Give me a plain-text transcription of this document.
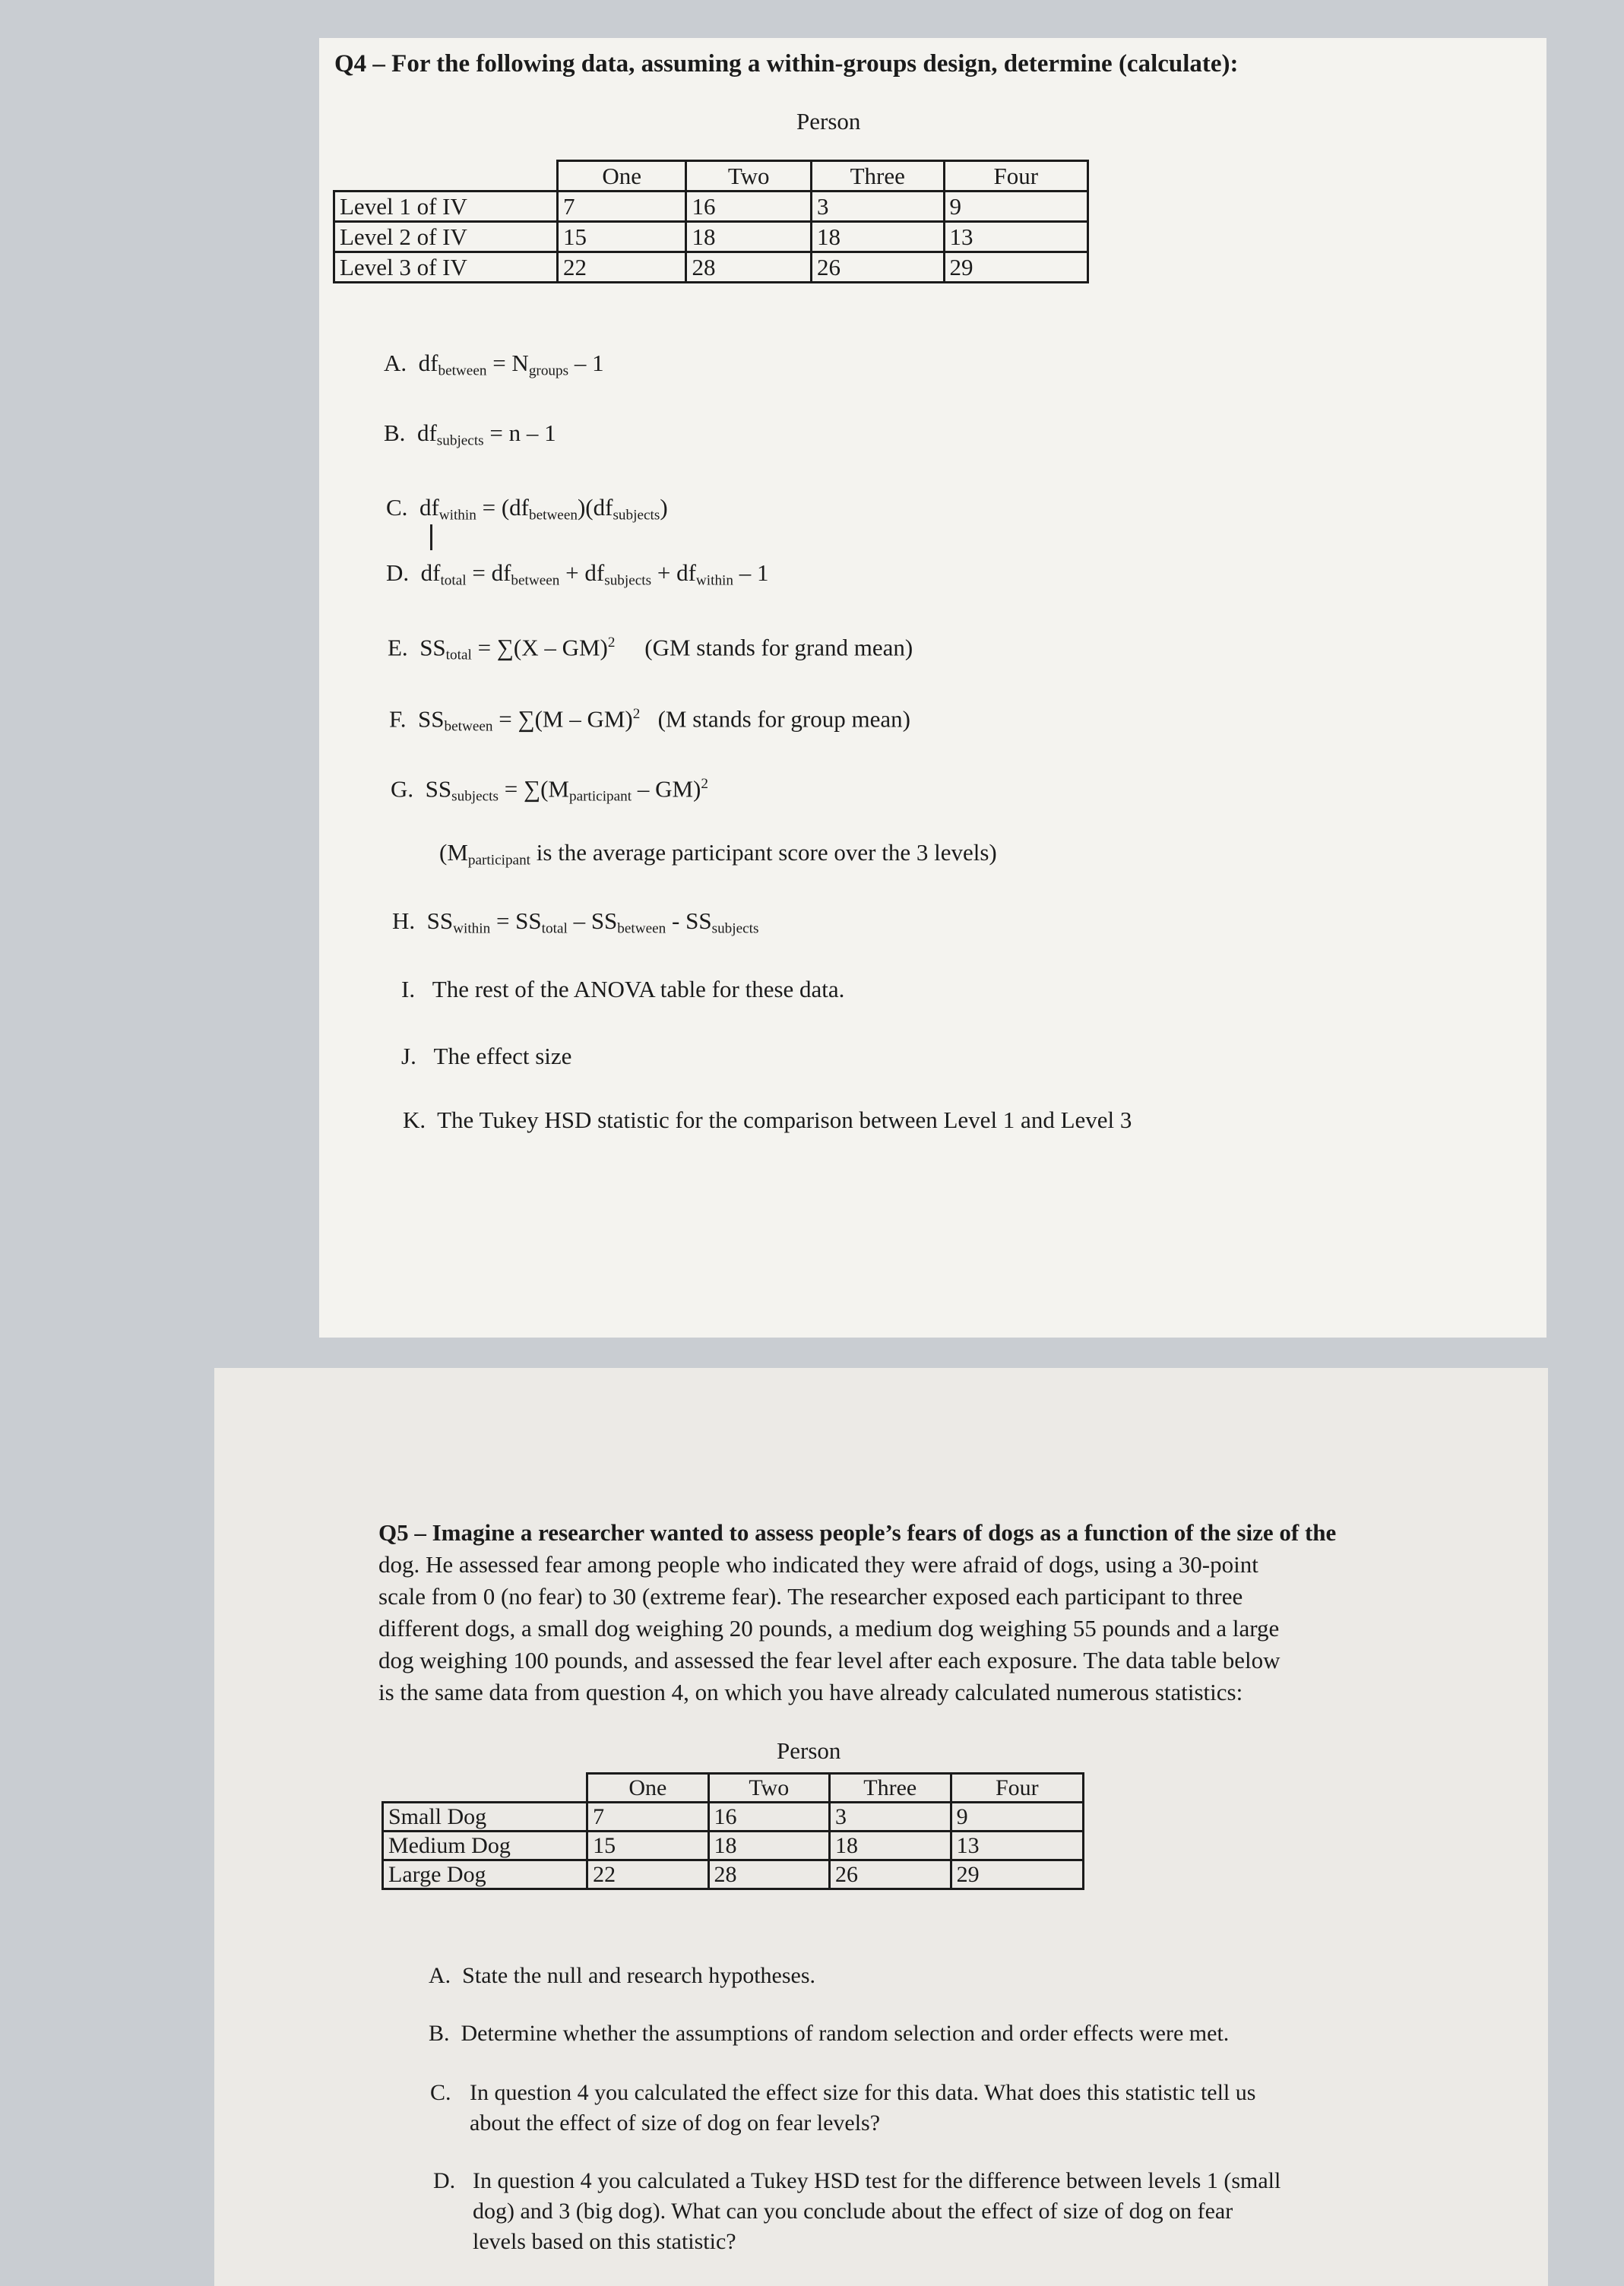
Q4 – For the following data, assuming a within-groups design, determine (calculate):
Person
	One	Two	Three	Four
Level 1 of IV	7	16	3	9
Level 2 of IV	15	18	18	13
Level 3 of IV	22	28	26	29
A. $df_{between} = N_{groups} - 1$
B. $df_{subjects} = n - 1$
C. $df_{within} = (df_{between})(df_{subjects})$
D. $df_{total} = df_{between} + df_{subjects} + df_{within} - 1$
E. $SS_{total} = \sum(X - GM)^2$ (GM stands for grand mean)
F. $SS_{between} = \sum(M - GM)^2$ (M stands for group mean)
G. $SS_{subjects} = \sum(M_{participant} - GM)^2$
($M_{participant}$ is the average participant score over the 3 levels)
H. $SS_{within} = SS_{total} - SS_{between} - SS_{subjects}$
I. The rest of the ANOVA table for these data.
J. The effect size
K. The Tukey HSD statistic for the comparison between Level 1 and Level 3
Q5 – Imagine a researcher wanted to assess people’s fears of dogs as a function of the size of the
dog. He assessed fear among people who indicated they were afraid of dogs, using a 30-point
scale from 0 (no fear) to 30 (extreme fear). The researcher exposed each participant to three
different dogs, a small dog weighing 20 pounds, a medium dog weighing 55 pounds and a large
dog weighing 100 pounds, and assessed the fear level after each exposure. The data table below
is the same data from question 4, on which you have already calculated numerous statistics:
Person
	One	Two	Three	Four
Small Dog	7	16	3	9
Medium Dog	15	18	18	13
Large Dog	22	28	26	29
A. State the null and research hypotheses.
B. Determine whether the assumptions of random selection and order effects were met.
C. In question 4 you calculated the effect size for this data. What does this statistic tell us
about the effect of size of dog on fear levels?
D. In question 4 you calculated a Tukey HSD test for the difference between levels 1 (small
dog) and 3 (big dog). What can you conclude about the effect of size of dog on fear
levels based on this statistic?
